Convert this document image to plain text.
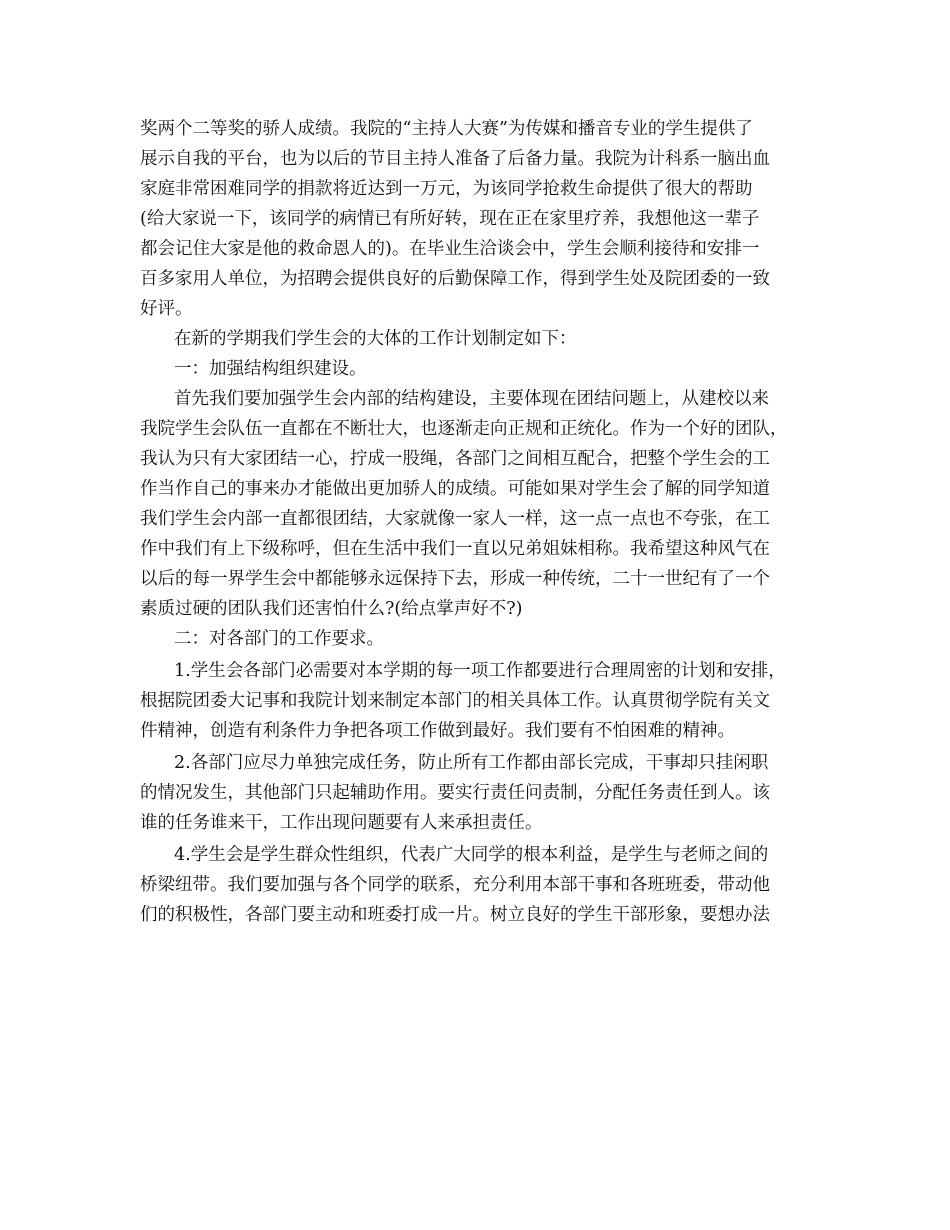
奖两个二等奖的骄人成绩。我院的“主持人大赛”为传媒和播音专业的学生提供了
展示自我的平台，也为以后的节目主持人准备了后备力量。我院为计科系一脑出血
家庭非常困难同学的捐款将近达到一万元，为该同学抢救生命提供了很大的帮助
(给大家说一下，该同学的病情已有所好转，现在正在家里疗养，我想他这一辈子
都会记住大家是他的救命恩人的)。在毕业生洽谈会中，学生会顺利接待和安排一
百多家用人单位，为招聘会提供良好的后勤保障工作，得到学生处及院团委的一致
好评。
在新的学期我们学生会的大体的工作计划制定如下：
一：加强结构组织建设。
首先我们要加强学生会内部的结构建设，主要体现在团结问题上，从建校以来
我院学生会队伍一直都在不断壮大，也逐渐走向正规和正统化。作为一个好的团队，
我认为只有大家团结一心，拧成一股绳，各部门之间相互配合，把整个学生会的工
作当作自己的事来办才能做出更加骄人的成绩。可能如果对学生会了解的同学知道
我们学生会内部一直都很团结，大家就像一家人一样，这一点一点也不夸张，在工
作中我们有上下级称呼，但在生活中我们一直以兄弟姐妹相称。我希望这种风气在
以后的每一界学生会中都能够永远保持下去，形成一种传统，二十一世纪有了一个
素质过硬的团队我们还害怕什么?(给点掌声好不?)
二：对各部门的工作要求。
1.学生会各部门必需要对本学期的每一项工作都要进行合理周密的计划和安排，
根据院团委大记事和我院计划来制定本部门的相关具体工作。认真贯彻学院有关文
件精神，创造有利条件力争把各项工作做到最好。我们要有不怕困难的精神。
2.各部门应尽力单独完成任务，防止所有工作都由部长完成，干事却只挂闲职
的情况发生，其他部门只起辅助作用。要实行责任问责制，分配任务责任到人。该
谁的任务谁来干，工作出现问题要有人来承担责任。
4.学生会是学生群众性组织，代表广大同学的根本利益，是学生与老师之间的
桥梁纽带。我们要加强与各个同学的联系，充分利用本部干事和各班班委，带动他
们的积极性，各部门要主动和班委打成一片。树立良好的学生干部形象，要想办法
